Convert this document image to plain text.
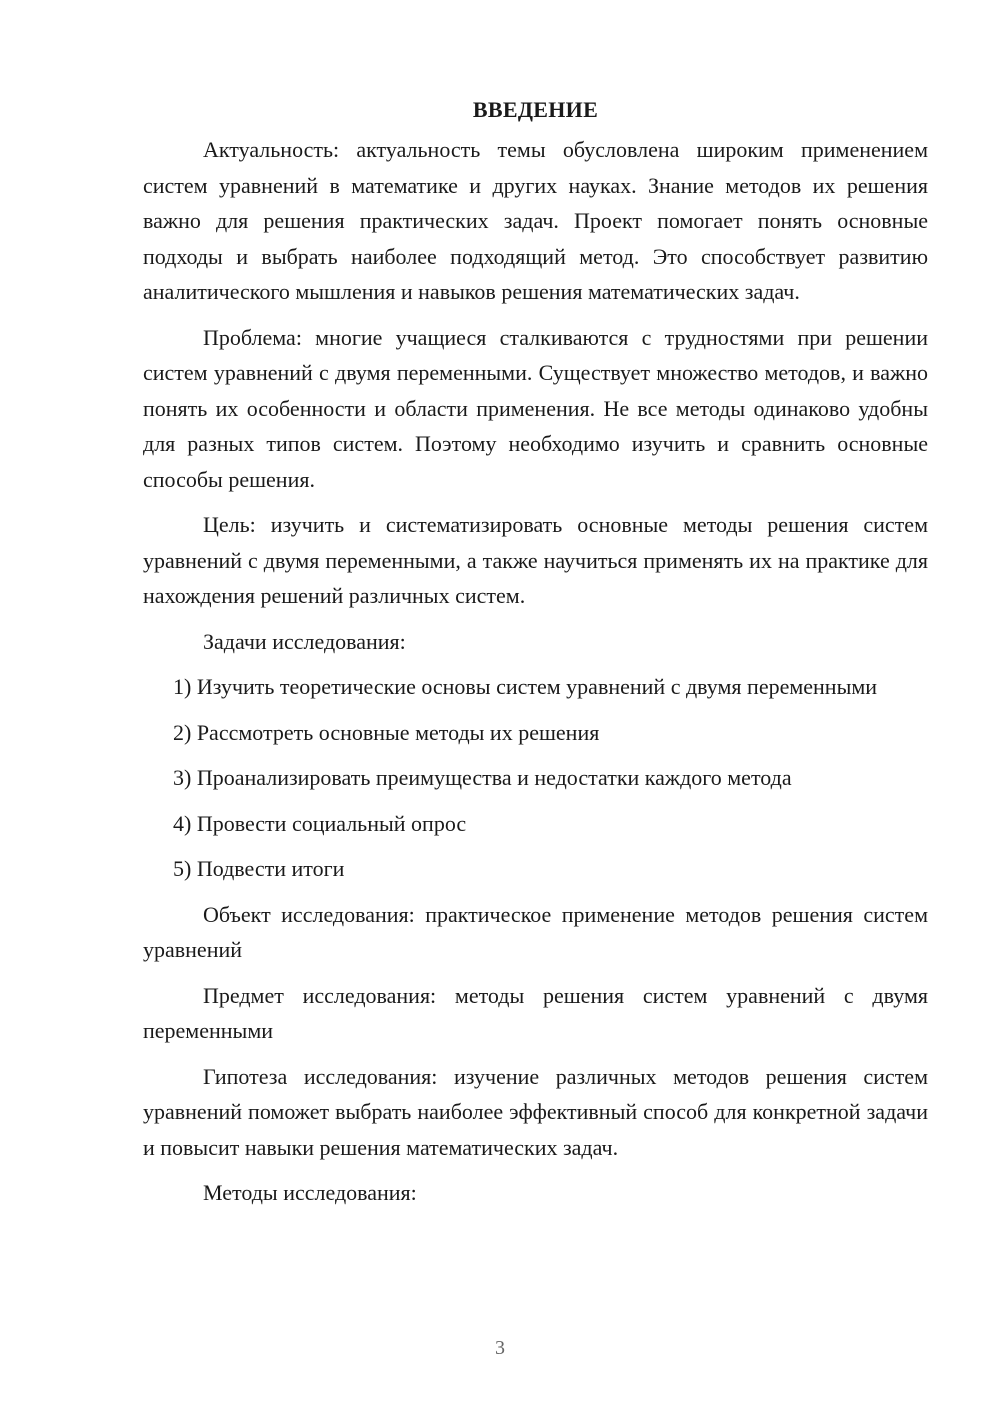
ВВЕДЕНИЕ

Актуальность: актуальность темы обусловлена широким применением систем уравнений в математике и других науках. Знание методов их решения важно для решения практических задач. Проект помогает понять основные подходы и выбрать наиболее подходящий метод. Это способствует развитию аналитического мышления и навыков решения математических задач.

Проблема: многие учащиеся сталкиваются с трудностями при решении систем уравнений с двумя переменными. Существует множество методов, и важно понять их особенности и области применения. Не все методы одинаково удобны для разных типов систем. Поэтому необходимо изучить и сравнить основные способы решения.

Цель: изучить и систематизировать основные методы решения систем уравнений с двумя переменными, а также научиться применять их на практике для нахождения решений различных систем.

Задачи исследования:

1) Изучить теоретические основы систем уравнений с двумя переменными

2) Рассмотреть основные методы их решения

3) Проанализировать преимущества и недостатки каждого метода

4) Провести социальный опрос

5) Подвести итоги

Объект исследования: практическое применение методов решения систем уравнений

Предмет исследования: методы решения систем уравнений с двумя переменными

Гипотеза исследования: изучение различных методов решения систем уравнений поможет выбрать наиболее эффективный способ для конкретной задачи и повысит навыки решения математических задач.

Методы исследования:

3
